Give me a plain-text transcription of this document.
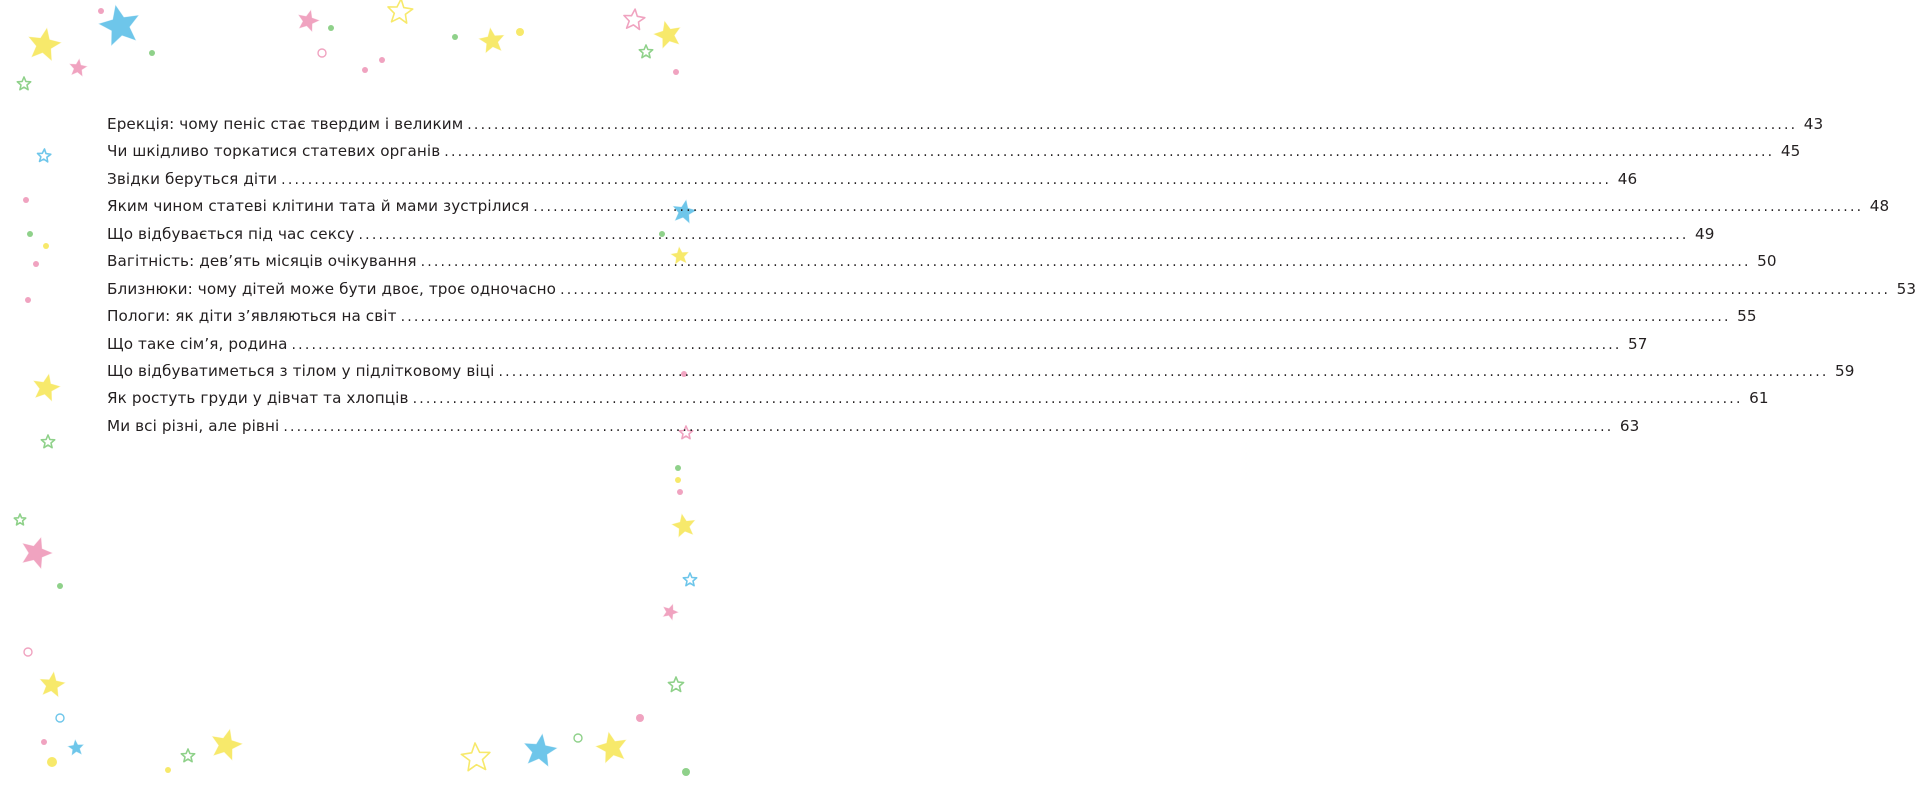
Ерекція: чому пеніс стає твердим і великим ........................................................................................................................................................................................................ 43
Чи шкідливо торкатися статевих органів ........................................................................................................................................................................................................ 45
Звідки беруться діти ........................................................................................................................................................................................................ 46
Яким чином статеві клітини тата й мами зустрілися ........................................................................................................................................................................................................ 48
Що відбувається під час сексу ........................................................................................................................................................................................................ 49
Вагітність: дев’ять місяців очікування ........................................................................................................................................................................................................ 50
Близнюки: чому дітей може бути двоє, троє одночасно ........................................................................................................................................................................................................ 53
Пологи: як діти з’являються на світ ........................................................................................................................................................................................................ 55
Що таке сім’я, родина ........................................................................................................................................................................................................ 57
Що відбуватиметься з тілом у підлітковому віці ........................................................................................................................................................................................................ 59
Як ростуть груди у дівчат та хлопців ........................................................................................................................................................................................................ 61
Ми всі різні, але рівні ........................................................................................................................................................................................................ 63
